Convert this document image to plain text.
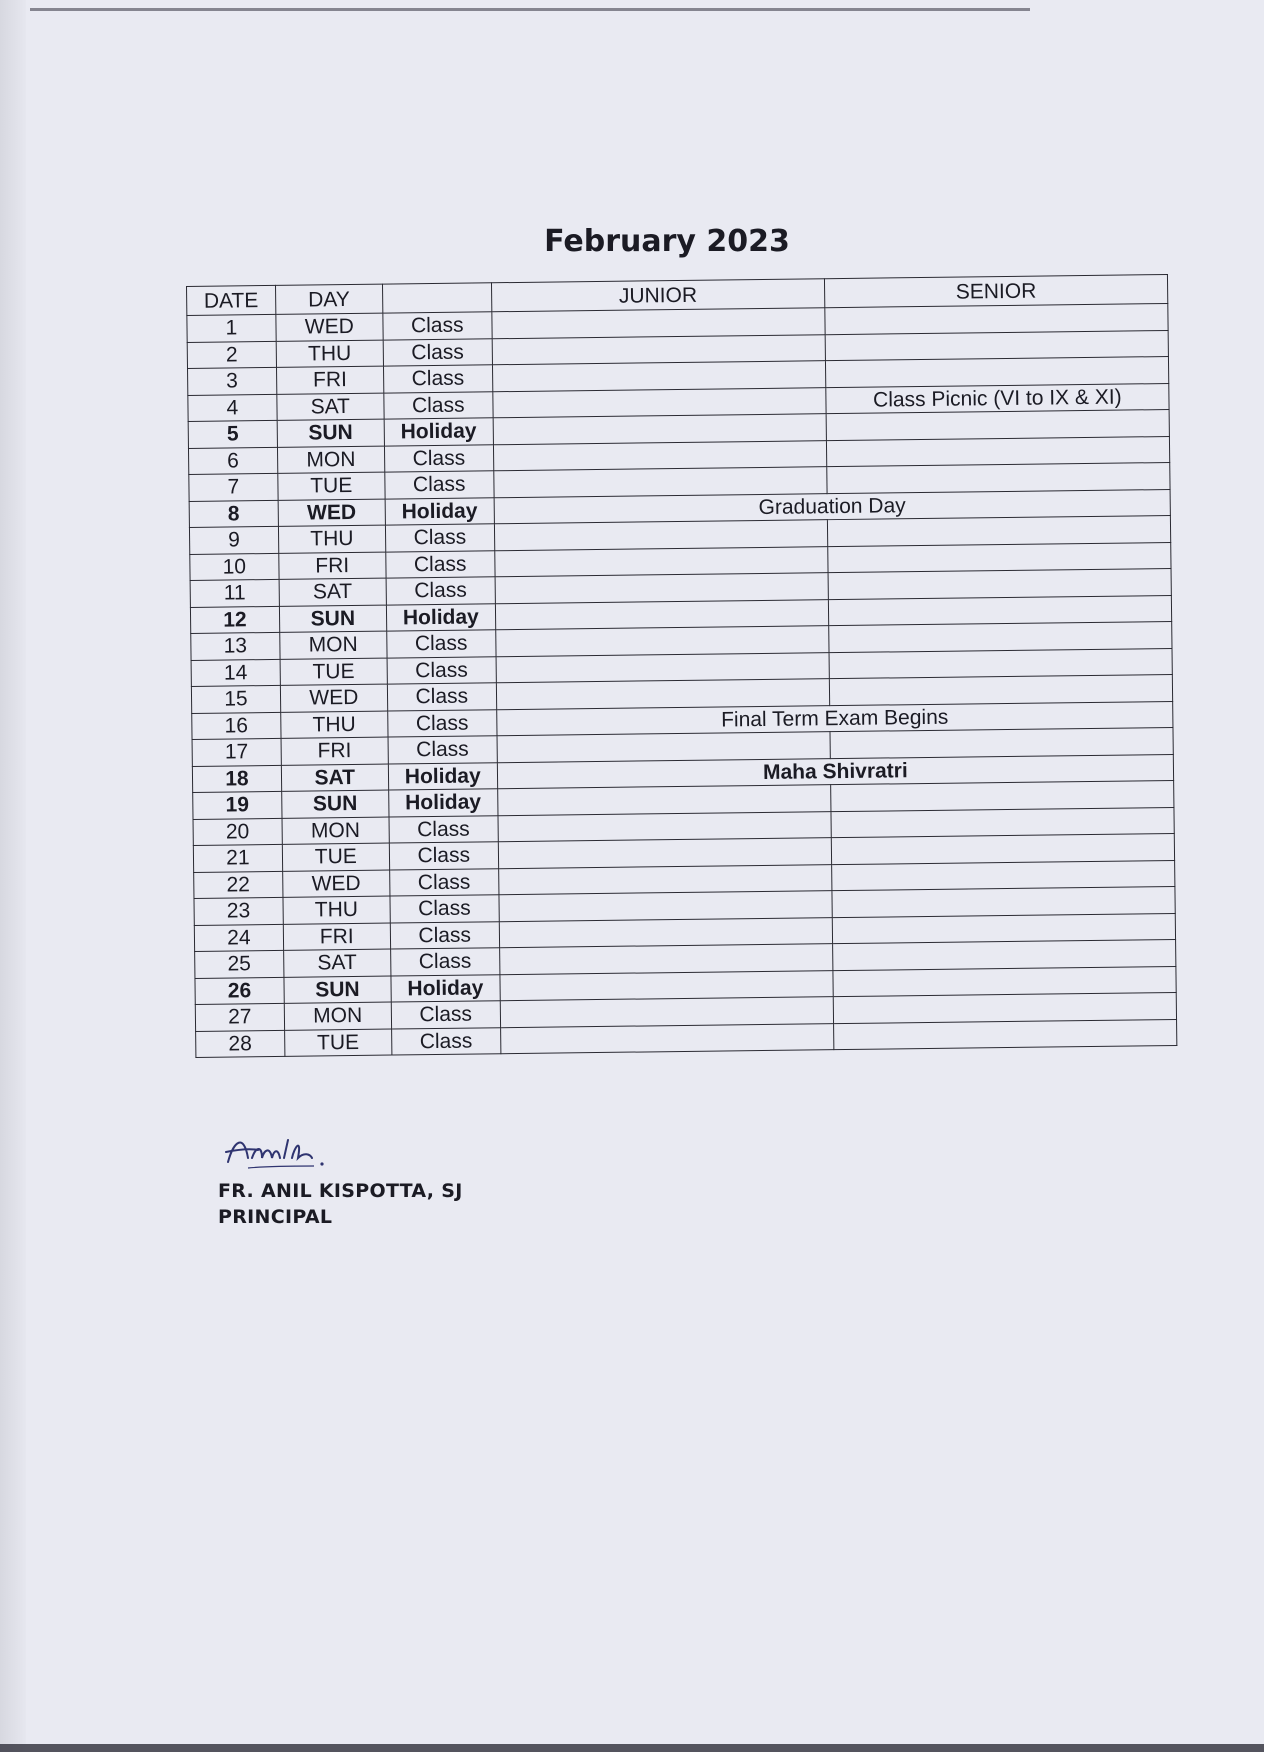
February 2023
DATE	DAY		JUNIOR	SENIOR
1	WED	Class		
2	THU	Class		
3	FRI	Class		
4	SAT	Class		Class Picnic (VI to IX & XI)
5	SUN	Holiday		
6	MON	Class		
7	TUE	Class		
8	WED	Holiday	Graduation Day	
9	THU	Class		
10	FRI	Class		
11	SAT	Class		
12	SUN	Holiday		
13	MON	Class		
14	TUE	Class		
15	WED	Class		
16	THU	Class	Final Term Exam Begins	
17	FRI	Class		
18	SAT	Holiday	Maha Shivratri	
19	SUN	Holiday		
20	MON	Class		
21	TUE	Class		
22	WED	Class		
23	THU	Class		
24	FRI	Class		
25	SAT	Class		
26	SUN	Holiday		
27	MON	Class		
28	TUE	Class		
FR. ANIL KISPOTTA, SJ
PRINCIPAL
